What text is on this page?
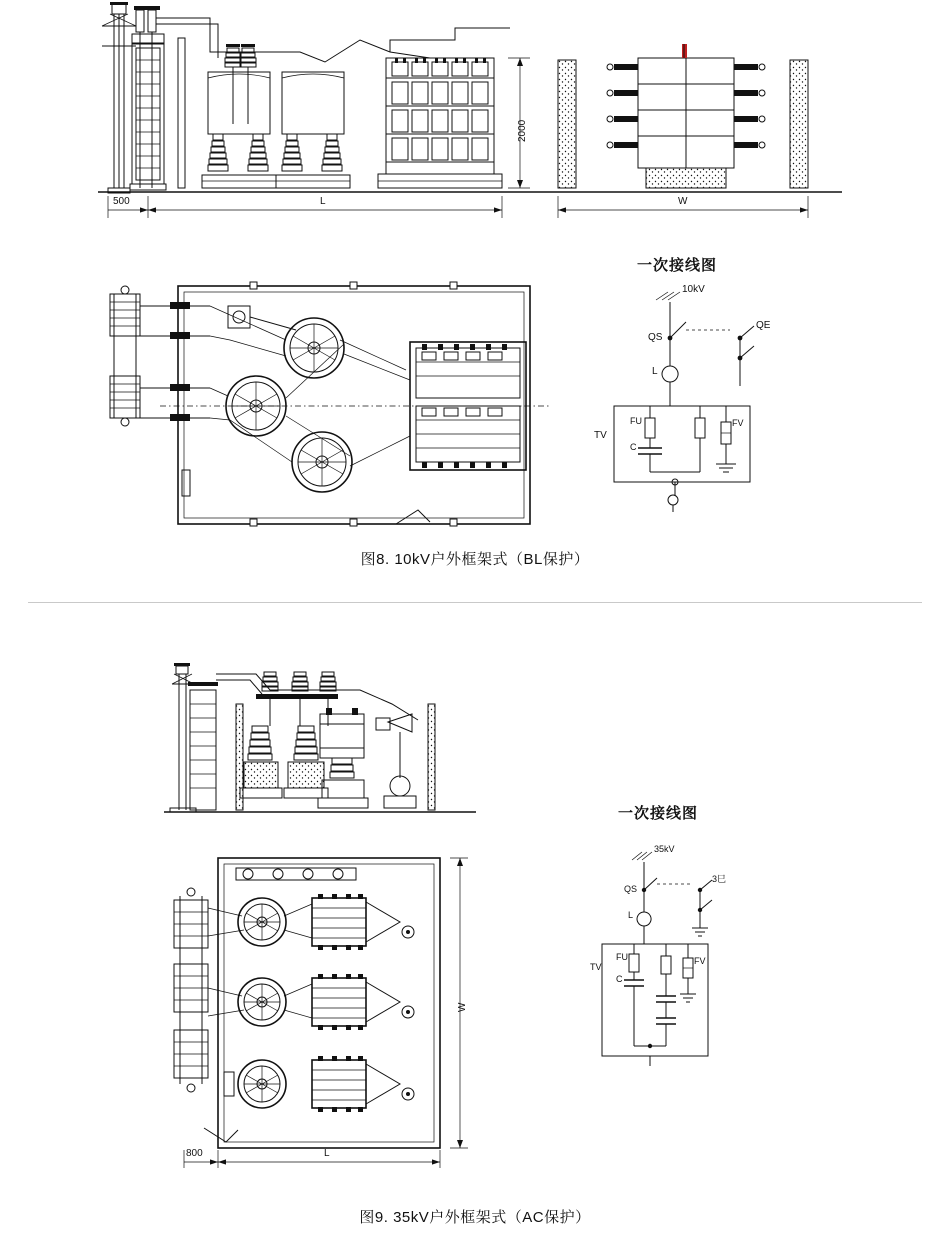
500	L	W
2000
一次接线图
10kV
QS
QE
L
TV
FU
C
FV
图8. 10kV户外框架式（BL保护）
800	L
W
一次接线图
35kV
QS
3巳
L
TV
FU
C
FV
图9. 35kV户外框架式（AC保护）
